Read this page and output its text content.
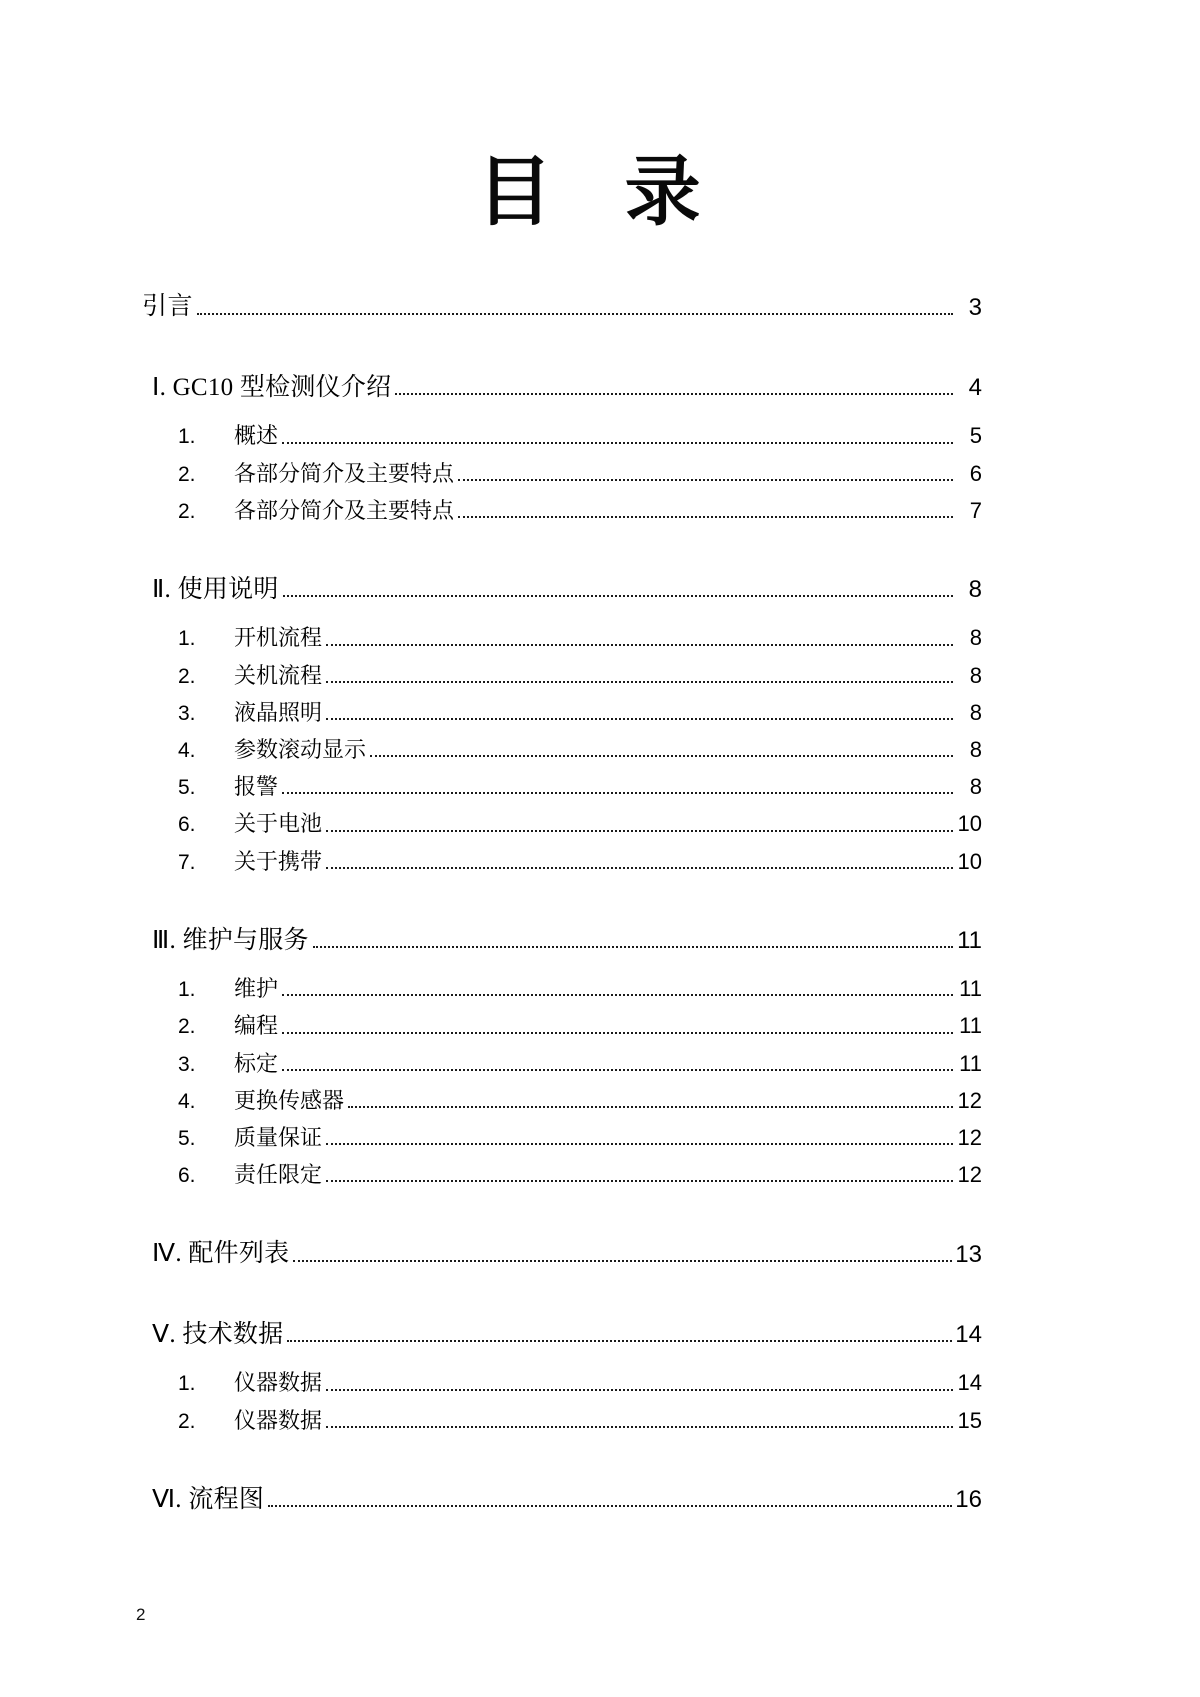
目 录
引言	3
Ⅰ. GC10 型检测仪介绍	4
1. 概述	5
2. 各部分简介及主要特点	6
2. 各部分简介及主要特点	7
Ⅱ. 使用说明	8
1. 开机流程	8
2. 关机流程	8
3. 液晶照明	8
4. 参数滚动显示	8
5. 报警	8
6. 关于电池	10
7. 关于携带	10
Ⅲ. 维护与服务	11
1. 维护	11
2. 编程	11
3. 标定	11
4. 更换传感器	12
5. 质量保证	12
6. 责任限定	12
Ⅳ. 配件列表	13
Ⅴ. 技术数据	14
1. 仪器数据	14
2. 仪器数据	15
Ⅵ. 流程图	16
2
